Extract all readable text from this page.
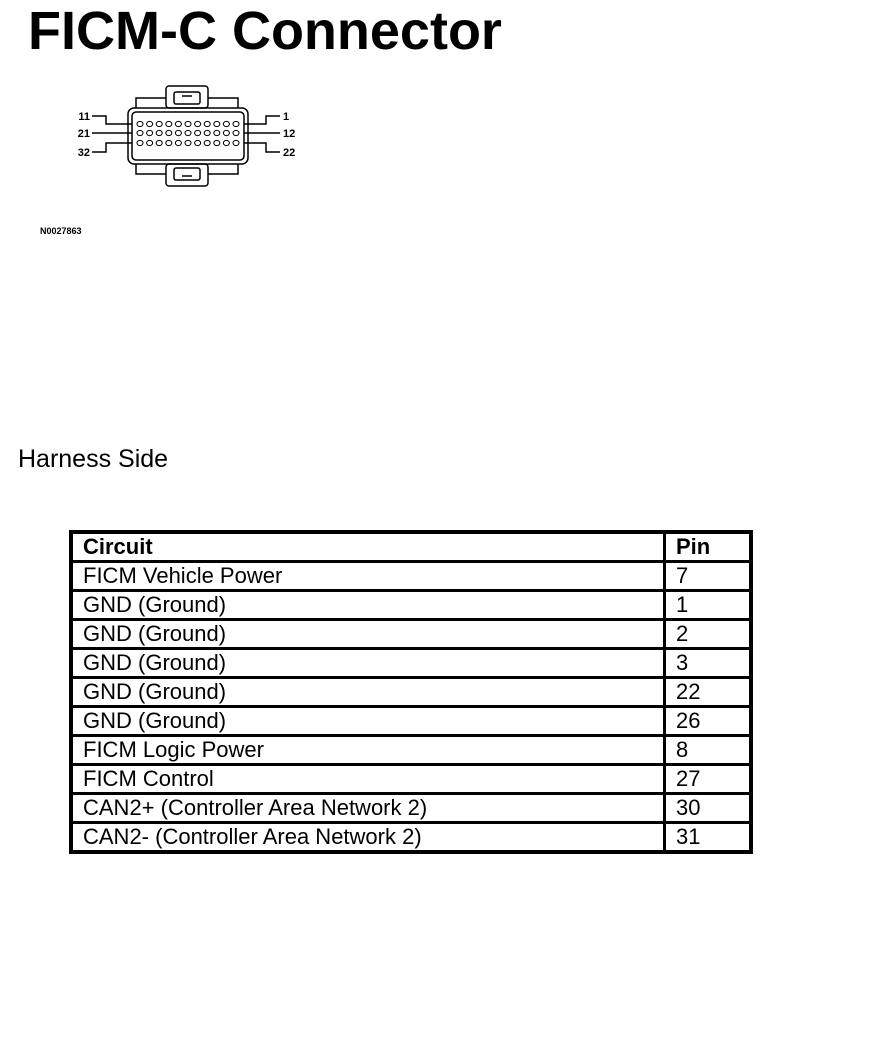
FICM-C Connector
11
21
32
1
12
22
N0027863
Harness Side
Circuit	Pin
FICM Vehicle Power	7
GND (Ground)	1
GND (Ground)	2
GND (Ground)	3
GND (Ground)	22
GND (Ground)	26
FICM Logic Power	8
FICM Control	27
CAN2+ (Controller Area Network 2)	30
CAN2- (Controller Area Network 2)	31
